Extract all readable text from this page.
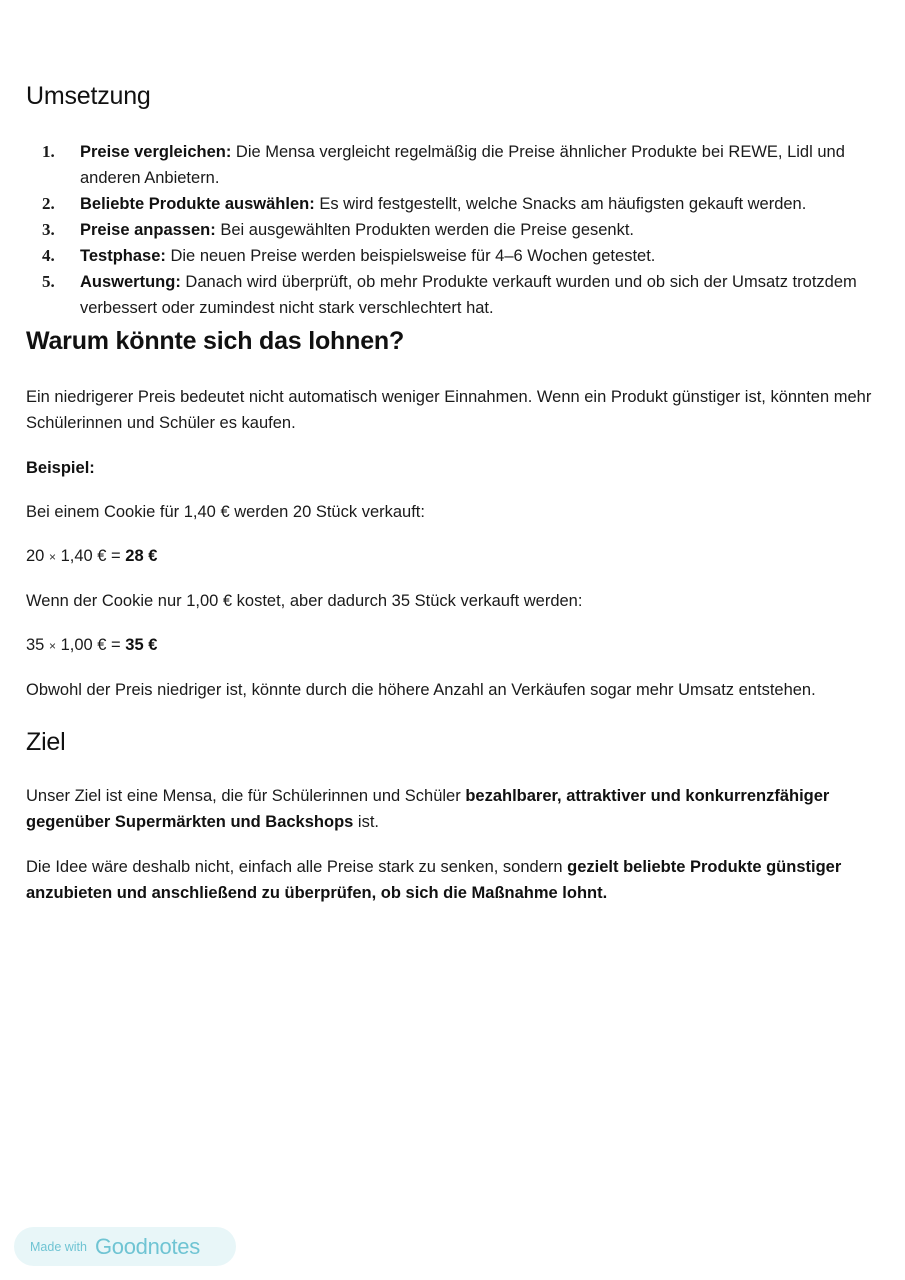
Umsetzung
1. Preise vergleichen: Die Mensa vergleicht regelmäßig die Preise ähnlicher Produkte bei REWE, Lidl und anderen Anbietern.
2. Beliebte Produkte auswählen: Es wird festgestellt, welche Snacks am häufigsten gekauft werden.
3. Preise anpassen: Bei ausgewählten Produkten werden die Preise gesenkt.
4. Testphase: Die neuen Preise werden beispielsweise für 4–6 Wochen getestet.
5. Auswertung: Danach wird überprüft, ob mehr Produkte verkauft wurden und ob sich der Umsatz trotzdem verbessert oder zumindest nicht stark verschlechtert hat.
Warum könnte sich das lohnen?

Ein niedrigerer Preis bedeutet nicht automatisch weniger Einnahmen. Wenn ein Produkt günstiger ist, könnten mehr Schülerinnen und Schüler es kaufen.

Beispiel:

Bei einem Cookie für 1,40 € werden 20 Stück verkauft:

20 × 1,40 € = 28 €

Wenn der Cookie nur 1,00 € kostet, aber dadurch 35 Stück verkauft werden:

35 × 1,00 € = 35 €

Obwohl der Preis niedriger ist, könnte durch die höhere Anzahl an Verkäufen sogar mehr Umsatz entstehen.

Ziel

Unser Ziel ist eine Mensa, die für Schülerinnen und Schüler bezahlbarer, attraktiver und konkurrenzfähiger gegenüber Supermärkten und Backshops ist.

Die Idee wäre deshalb nicht, einfach alle Preise stark zu senken, sondern gezielt beliebte Produkte günstiger anzubieten und anschließend zu überprüfen, ob sich die Maßnahme lohnt.

Made with Goodnotes
